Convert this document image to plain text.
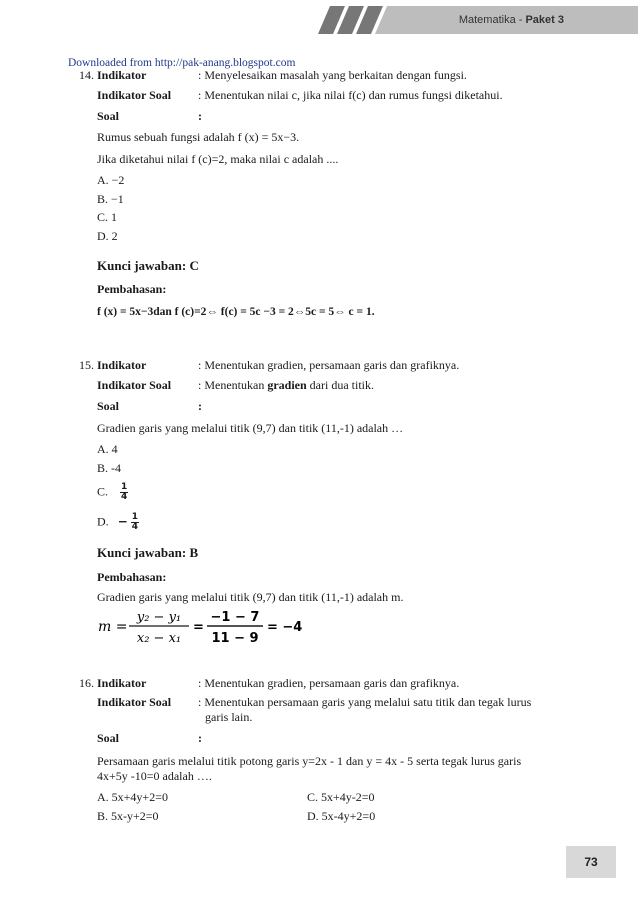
Matematika - Paket 3
Downloaded from http://pak-anang.blogspot.com
14. Indikator	: Menyelesaikan masalah yang berkaitan dengan fungsi.
Indikator Soal : Menentukan nilai c, jika nilai f(c) dan rumus fungsi diketahui.
Soal	:
Rumus sebuah fungsi adalah f (x) = 5x−3.
Jika diketahui nilai f (c)=2, maka nilai c adalah ....
A. −2
B. −1
C. 1
D. 2
Kunci jawaban: C
Pembahasan:
f (x) = 5x−3dan f (c)=2⇔ f(c) = 5c −3 = 2⇔5c = 5⇔ c = 1.
15. Indikator	: Menentukan gradien, persamaan garis dan grafiknya.
Indikator Soal : Menentukan gradien dari dua titik.
Soal	:
Gradien garis yang melalui titik (9,7) dan titik (11,-1) adalah …
A. 4
B. -4
C. $\frac{1}{4}$
D. − $\frac{1}{4}$
Kunci jawaban: B
Pembahasan:
Gradien garis yang melalui titik (9,7) dan titik (11,-1) adalah m.
m =
y₂ − y₁
x₂ − x₁
=
−1 − 7
11 − 9
= −4
16. Indikator	: Menentukan gradien, persamaan garis dan grafiknya.
Indikator Soal : Menentukan persamaan garis yang melalui satu titik dan tegak lurus
garis lain.
Soal	:
Persamaan garis melalui titik potong garis y=2x - 1 dan y = 4x - 5 serta tegak lurus garis
4x+5y -10=0 adalah ….
A. 5x+4y+2=0
B. 5x-y+2=0
C. 5x+4y-2=0
D. 5x-4y+2=0
73
